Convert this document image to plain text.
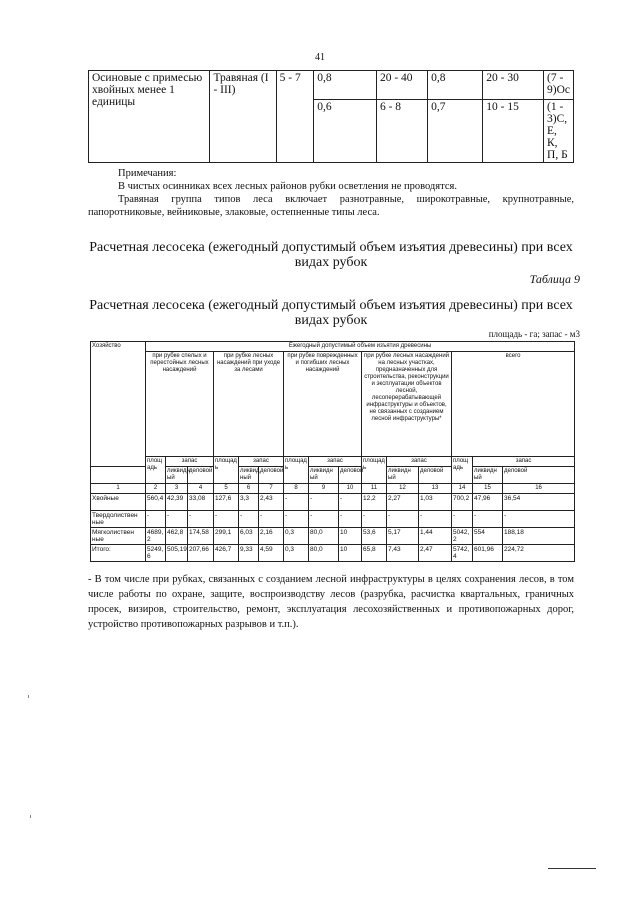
41
Осиновые с примесью хвойных менее 1 единицы	Травяная (I - III)	5 - 7	0,8	20 - 40	0,8	20 - 30	(7 - 9)Ос
			0,6	6 - 8	0,7	10 - 15	(1 - 3)С, Е, К, П, Б

Примечания:

В чистых осинниках всех лесных районов рубки осветления не проводятся.

Травяная группа типов леса включает разнотравные, широкотравные, крупнотравные, папоротниковые, вейниковые, злаковые, остепненные типы леса.

Расчетная лесосека (ежегодный допустимый объем изъятия древесины) при всех видах рубок
Таблица 9
Расчетная лесосека (ежегодный допустимый объем изъятия древесины) при всех видах рубок
площадь - га; запас - м3
Хозяйство	Ежегодный допустимый объем изъятия древесины														
	при рубке спелых и перестойных лесных насаждений			при рубке лесных насаждений при уходе за лесами			при рубке поврежденных и погибших лесных насаждений			при рубке лесных насаждений на лесных участках, предназначенных для строительства, реконструкции и эксплуатации объектов лесной, лесоперерабатывающей инфраструктуры и объектов, не связанных с созданием лесной инфраструктуры*			всего		
	площ адь	запас		площад ь	запас		площад ь	запас		площад ь	запас		площ адь	запас	
		ликвидн ый	деловой		ликвид ный	деловой		ликвидн ый	деловой		ликвидн ый	деловой		ликвидн ый	деловой
1	2	3	4	5	6	7	8	9	10	11	12	13	14	15	16
Хвойные	560,4	42,39	33,08	127,6	3,3	2,43	-	-	-	12,2	2,27	1,03	700,2	47,96	36,54
Твердолиствен ные	-	-	-	-	-	-	-	-	-	-	-	-	-	-	-
Мягколиствен ные	4689, 2	462,8	174,58	299,1	6,03	2,16	0,3	80,0	10	53,6	5,17	1,44	5042, 2	554	188,18
Итого:	5249, 6	505,19	207,66	426,7	9,33	4,59	0,3	80,0	10	65,8	7,43	2,47	5742, 4	601,96	224,72
- В том числе при рубках, связанных с созданием лесной инфраструктуры в целях сохранения лесов, в том числе работы по охране, защите, воспроизводству лесов (разрубка, расчистка квартальных, граничных просек, визиров, строительство, ремонт, эксплуатация лесохозяйственных и противопожарных дорог, устройство противопожарных разрывов и т.п.).
